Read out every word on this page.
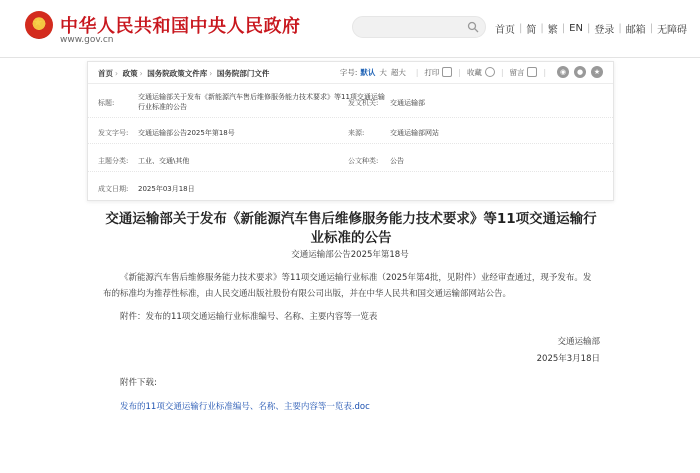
★
中华人民共和国中央人民政府
www.gov.cn
首页 | 简 | 繁 | EN | 登录 | 邮箱 | 无障碍
首页 › 政策 › 国务院政策文件库 › 国务院部门文件	字号: 默认 大 超大 | 打印	| 收藏	| 留言	|	◉	●	★
标题:
交通运输部关于发布《新能源汽车售后维修服务能力技术要求》等11项交通运输行业标准的公告	发文机关: 交通运输部
发文字号: 交通运输部公告2025年第18号	来源:	交通运输部网站
主题分类: 工业、交通\其他	公文种类: 公告
成文日期: 2025年03月18日
交通运输部关于发布《新能源汽车售后维修服务能力技术要求》等11项交通运输行业标准的公告
交通运输部公告2025年第18号
《新能源汽车售后维修服务能力技术要求》等11项交通运输行业标准（2025年第4批，见附件）业经审查通过，现予发布。发布的标准均为推荐性标准，由人民交通出版社股份有限公司出版，并在中华人民共和国交通运输部网站公告。
附件：发布的11项交通运输行业标准编号、名称、主要内容等一览表
交通运输部
2025年3月18日
附件下载:
发布的11项交通运输行业标准编号、名称、主要内容等一览表.doc
